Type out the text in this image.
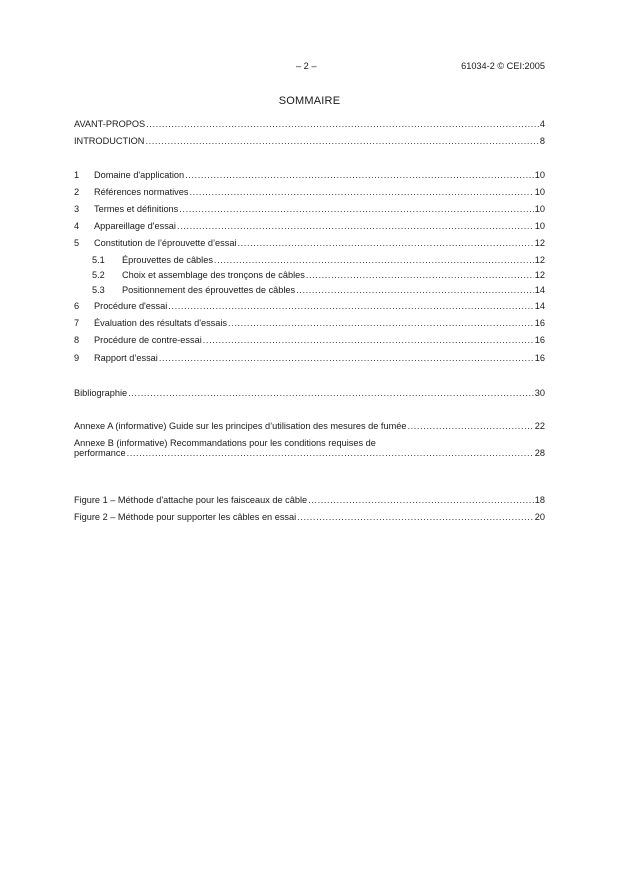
– 2 –	61034-2 © CEI:2005
SOMMAIRE
AVANT-PROPOS .....	4
INTRODUCTION .....	8
1	Domaine d'application .....	10
2	Références normatives .....	10
3	Termes et définitions .....	10
4	Appareillage d'essai .....	10
5	Constitution de l’éprouvette d’essai .....	12
5.1	Éprouvettes de câbles .....	12
5.2	Choix et assemblage des tronçons de câbles .....	12
5.3	Positionnement des éprouvettes de câbles .....	14
6	Procédure d'essai .....	14
7	Évaluation des résultats d'essais .....	16
8	Procédure de contre-essai .....	16
9	Rapport d’essai .....	16
Bibliographie .....	30
Annexe A (informative) Guide sur les principes d’utilisation des mesures de fumée .....	22
Annexe B (informative) Recommandations pour les conditions requises de
performance .....	28
Figure 1 – Méthode d'attache pour les faisceaux de câble .....	18
Figure 2 – Méthode pour supporter les câbles en essai .....	20
